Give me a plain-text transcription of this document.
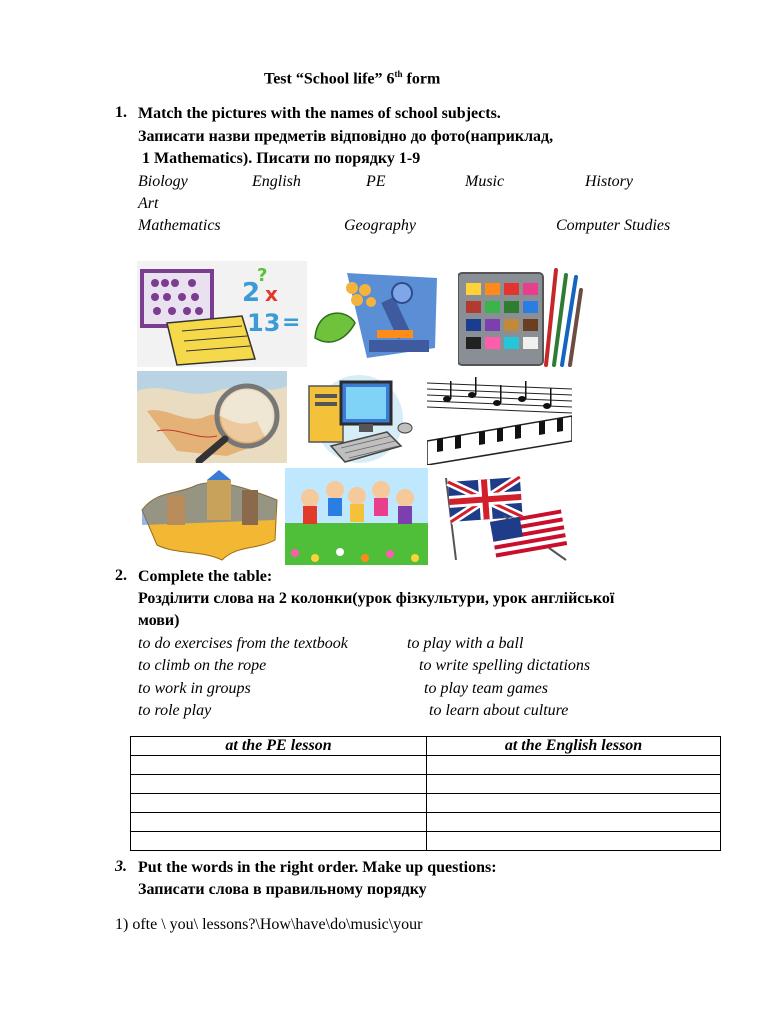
Test “School life” 6th form
1. Match the pictures with the names of school subjects.
Записати назви предметів відповідно до фото(наприклад,
1 Mathematics). Писати по порядку 1-9
Biology	English	PE	Music	History
Art
Mathematics	Geography	Computer Studies
2 x
13 =
?
2. Complete the table:
Розділити слова на 2 колонки(урок фізкультури, урок англійської
мови)
to do exercises from the textbook
to climb on the rope
to work in groups
to role play
to play with a ball
to write spelling dictations
to play team games
to learn about culture
at the PE lesson	at the English lesson

3. Put the words in the right order. Make up questions:
Записати слова в правильному порядку
1) ofte \ you\ lessons?\How\have\do\music\your
